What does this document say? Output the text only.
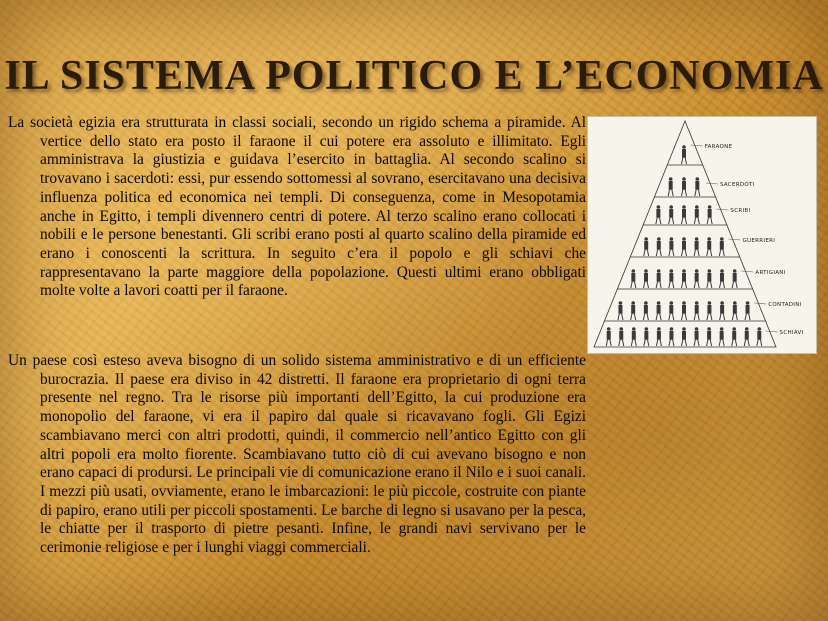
IL SISTEMA POLITICO E L’ECONOMIA

La società egizia era strutturata in classi sociali, secondo un rigido schema a piramide. Al vertice dello stato era posto il faraone il cui potere era assoluto e illimitato. Egli amministrava la giustizia e guidava l’esercito in battaglia. Al secondo scalino si trovavano i sacerdoti: essi, pur essendo sottomessi al sovrano, esercitavano una decisiva influenza politica ed economica nei templi. Di conseguenza, come in Mesopotamia anche in Egitto, i templi divennero centri di potere. Al terzo scalino erano collocati i nobili e le persone benestanti. Gli scribi erano posti al quarto scalino della piramide ed erano i conoscenti la scrittura. In seguito c’era il popolo e gli schiavi che rappresentavano la parte maggiore della popolazione. Questi ultimi erano obbligati molte volte a lavori coatti per il faraone.

Un paese così esteso aveva bisogno di un solido sistema amministrativo e di un efficiente burocrazia. Il paese era diviso in 42 distretti. Il faraone era proprietario di ogni terra presente nel regno. Tra le risorse più importanti dell’Egitto, la cui produzione era monopolio del faraone, vi era il papiro dal quale si ricavavano fogli. Gli Egizi scambiavano merci con altri prodotti, quindi, il commercio nell’antico Egitto con gli altri popoli era molto fiorente. Scambiavano tutto ciò di cui avevano bisogno e non erano capaci di prodursi. Le principali vie di comunicazione erano il Nilo e i suoi canali. I mezzi più usati, ovviamente, erano le imbarcazioni: le più piccole, costruite con piante di papiro, erano utili per piccoli spostamenti. Le barche di legno si usavano per la pesca, le chiatte per il trasporto di pietre pesanti. Infine, le grandi navi servivano per le cerimonie religiose e per i lunghi viaggi commerciali.

FARAONE
SACERDOTI
SCRIBI
GUERRIERI
ARTIGIANI
CONTADINI
SCHIAVI
